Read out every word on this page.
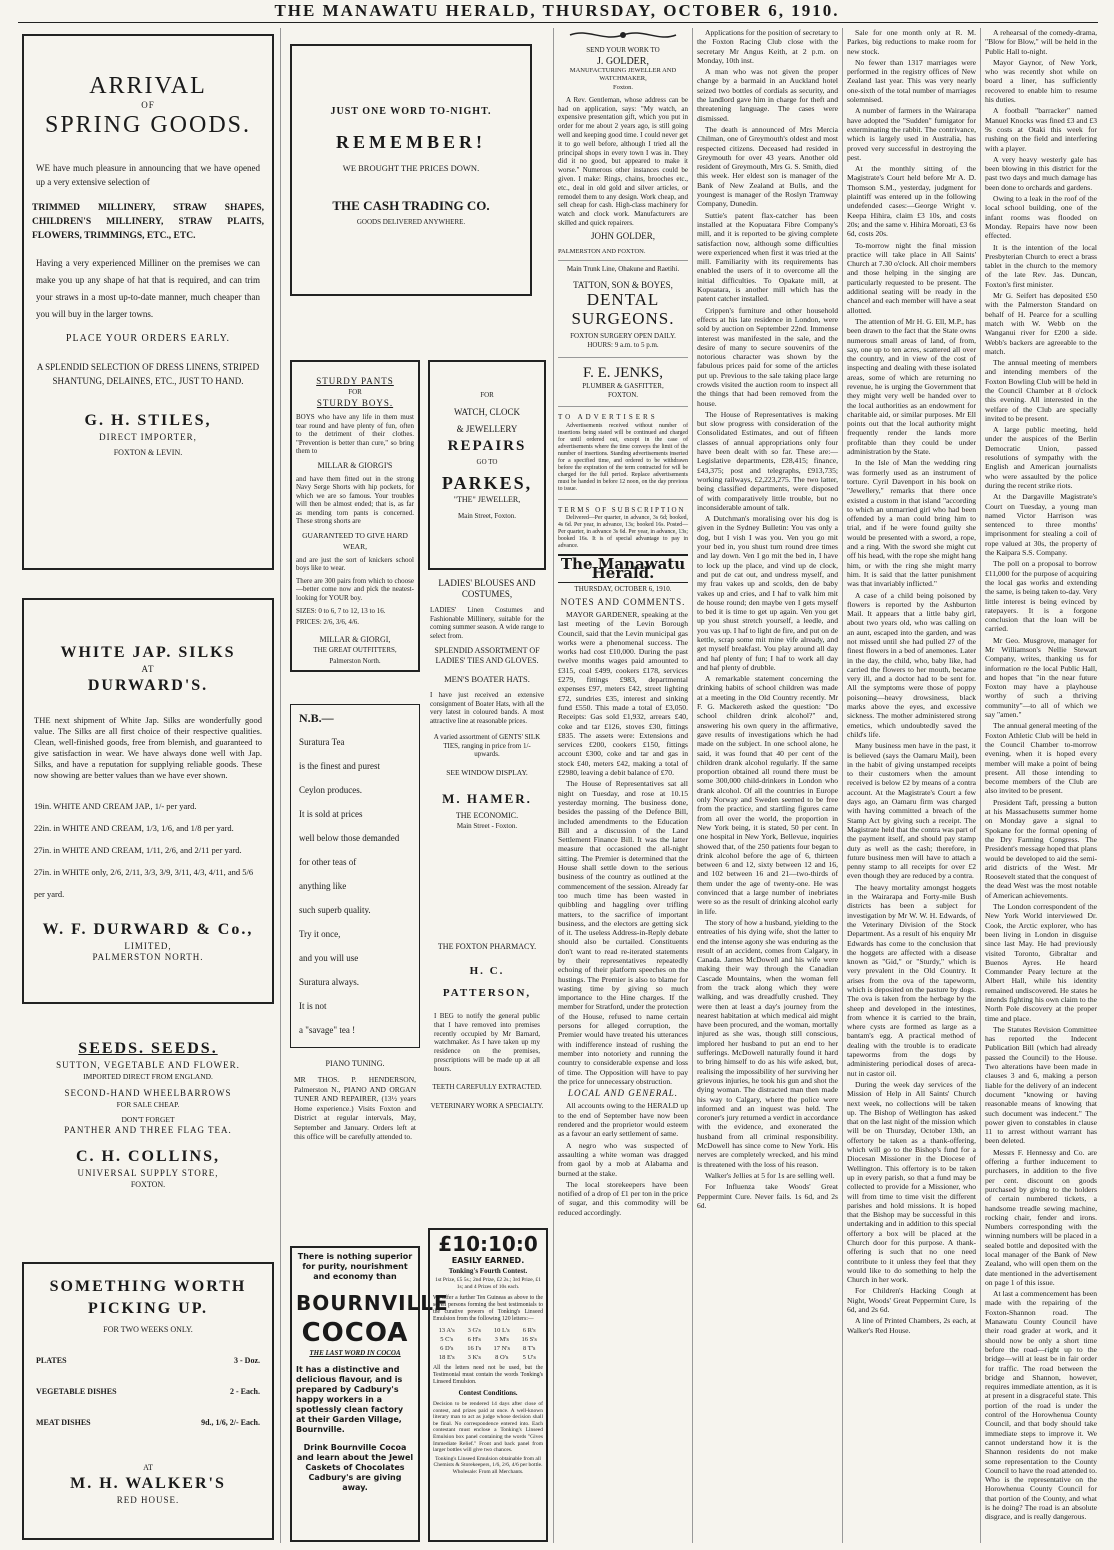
THE MANAWATU HERALD, THURSDAY, OCTOBER 6, 1910.
ARRIVAL
OF
SPRING GOODS.

WE have much pleasure in announcing that we have opened up a very extensive selection of

TRIMMED MILLINERY, STRAW SHAPES, CHILDREN'S MILLINERY, STRAW PLAITS, FLOWERS, TRIMMINGS, ETC., ETC.

Having a very experienced Milliner on the premises we can make you up any shape of hat that is required, and can trim your straws in a most up-to-date manner, much cheaper than you will buy in the larger towns.

PLACE YOUR ORDERS EARLY.

A SPLENDID SELECTION OF DRESS LINENS, STRIPED SHANTUNG, DELAINES, ETC., JUST TO HAND.

G. H. STILES,
DIRECT IMPORTER,
FOXTON & LEVIN.
WHITE JAP. SILKS
AT
DURWARD'S.

THE next shipment of White Jap. Silks are wonderfully good value. The Silks are all first choice of their respective qualities. Clean, well-finished goods, free from blemish, and guaranteed to give satisfaction in wear. We have always done well with Jap. Silks, and have a reputation for supplying reliable goods. These now showing are better values than we have ever shown.

19in. WHITE AND CREAM JAP., 1/- per yard.
22in. in WHITE AND CREAM, 1/3, 1/6, and 1/8 per yard.
27in. in WHITE AND CREAM, 1/11, 2/6, and 2/11 per yard.
27in. in WHITE only, 2/6, 2/11, 3/3, 3/9, 3/11, 4/3, 4/11, and 5/6 per yard.
W. F. DURWARD & Co.,
LIMITED,
PALMERSTON NORTH.
SEEDS. SEEDS.
SUTTON, VEGETABLE AND FLOWER.
IMPORTED DIRECT FROM ENGLAND.
SECOND-HAND WHEELBARROWS
FOR SALE CHEAP.
DON'T FORGET
PANTHER AND THREE FLAG TEA.
C. H. COLLINS,
UNIVERSAL SUPPLY STORE,
FOXTON.
SOMETHING WORTH PICKING UP.
FOR TWO WEEKS ONLY.
PLATES	3 - Doz.
VEGETABLE DISHES	2 - Each.
MEAT DISHES	9d., 1/6, 2/- Each.
AT
M. H. WALKER'S
RED HOUSE.
JUST ONE WORD TO-NIGHT.
REMEMBER!
WE BROUGHT THE PRICES DOWN.
THE CASH TRADING CO.
GOODS DELIVERED ANYWHERE.
STURDY PANTS
FOR
STURDY BOYS.

BOYS who have any life in them must tear round and have plenty of fun, often to the detriment of their clothes. "Prevention is better than cure," so bring them to

MILLAR & GIORGI'S

and have them fitted out in the strong Navy Serge Shorts with hip pockets, for which we are so famous. Your troubles will then be almost ended; that is, as far as mending torn pants is concerned. These strong shorts are

GUARANTEED TO GIVE HARD WEAR,

and are just the sort of knickers school boys like to wear.

There are 300 pairs from which to choose—better come now and pick the neatest-looking for YOUR boy.

SIZES: 0 to 6, 7 to 12, 13 to 16.
PRICES: 2/6, 3/6, 4/6.
MILLAR & GIORGI,
THE GREAT OUTFITTERS,
Palmerston North.
N.B.—
Suratura Tea
is the finest and purest
Ceylon produces.
It is sold at prices
well below those demanded
for other teas of
anything like
such superb quality.
Try it once,
and you will use
Suratura always.
It is not
a "savage" tea !
PIANO TUNING.

MR THOS. P. HENDERSON, Palmerston N., PIANO AND ORGAN TUNER AND REPAIRER, (13½ years Home experience.) Visits Foxton and District at regular intervals, May, September and January. Orders left at this office will be carefully attended to.

There is nothing superior for purity, nourishment and economy than
BOURNVILLE
COCOA
THE LAST WORD IN COCOA

It has a distinctive and delicious flavour, and is prepared by Cadbury's happy workers in a spotlessly clean factory at their Garden Village, Bournville.

Drink Bournville Cocoa and learn about the Jewel Caskets of Chocolates Cadbury's are giving away.

FOR
WATCH, CLOCK
& JEWELLERY
REPAIRS
GO TO
PARKES,
"THE" JEWELLER,
Main Street, Foxton.
LADIES' BLOUSES AND COSTUMES,

LADIES' Linen Costumes and Fashionable Millinery, suitable for the coming summer season. A wide range to select from.

SPLENDID ASSORTMENT OF LADIES' TIES AND GLOVES.
MEN'S BOATER HATS.

I have just received an extensive consignment of Boater Hats, with all the very latest in coloured bands. A most attractive line at reasonable prices.

A varied assortment of GENTS' SILK TIES, ranging in price from 1/- upwards.

SEE WINDOW DISPLAY.
M. HAMER.
THE ECONOMIC.
Main Street - Foxton.
THE FOXTON PHARMACY.
H. C. PATTERSON,

I BEG to notify the general public that I have removed into premises recently occupied by Mr Barnard, watchmaker. As I have taken up my residence on the premises, prescriptions will be made up at all hours.

TEETH CAREFULLY EXTRACTED.
VETERINARY WORK A SPECIALTY.
£10:10:0
EASILY EARNED.
Tonking's Fourth Contest.
1st Prize, £5 5s.; 2nd Prize, £2 2s.; 3rd Prize, £1 1s; and 4 Prizes of 10s each.

We offer a further Ten Guineas as above to the seven persons forming the best testimonials to the curative powers of Tonking's Linseed Emulsion from the following 120 letters:—

13 A's	3 G's	10 L's	6 R's
5 C's	6 H's	3 M's	16 S's
6 D's	16 I's	17 N's	8 T's
18 E's	3 K's	8 O's	5 U's

All the letters need not be used, but the Testimonial must contain the words Tonking's Linseed Emulsion.

Contest Conditions.

Decision to be rendered 14 days after close of contest, and prizes paid at once. A well-known literary man to act as judge whose decision shall be final. No correspondence entered into. Each contestant must enclose a Tonking's Linseed Emulsion box panel containing the words "Gives Immediate Relief." Front and back panel from larger bottles will give two chances.

Tonking's Linseed Emulsion obtainable from all Chemists & Storekeepers, 1/6, 2/6, 4/6 per bottle. Wholesale: From all Merchants.
SEND YOUR WORK TO
J. GOLDER,
MANUFACTURING JEWELLER AND WATCHMAKER,
Foxton.

A Rev. Gentleman, whose address can be had on application, says: "My watch, an expensive presentation gift, which you put in order for me about 2 years ago, is still going well and keeping good time. I could never get it to go well before, although I tried all the principal shops in every town I was in. They did it no good, but appeared to make it worse." Numerous other instances could be given. I make: Rings, chains, brooches etc., etc., deal in old gold and silver articles, or remodel them to any design. Work cheap, and sell cheap for cash. High-class machinery for watch and clock work. Manufacturers are skilled and quick repairers.

JOHN GOLDER,
PALMERSTON AND FOXTON.
Main Trunk Line, Ohakune and Raetihi.
TATTON, SON & BOYES,
DENTAL SURGEONS.
FOXTON SURGERY OPEN DAILY.
HOURS: 9 a.m. to 5 p.m.
F. E. JENKS,
PLUMBER & GASFITTER,
FOXTON.
TO ADVERTISERS

Advertisements received without number of insertions being stated will be continued and charged for until ordered out, except in the case of advertisements where the time conveys the limit of the number of insertions. Standing advertisements inserted for a specified time, and ordered to be withdrawn before the expiration of the term contracted for will be charged for the full period. Replace advertisements must be handed in before 12 noon, on the day previous to issue.

TERMS OF SUBSCRIPTION

Delivered—Per quarter, in advance, 3s 6d; booked, 4s 6d. Per year, in advance, 13s; booked 16s. Posted—Per quarter, in advance 3s 6d. Per year, in advance, 13s; booked 16s. It is of special advantage to pay in advance.

The Manawatu Herald.
THURSDAY, OCTOBER 6, 1910.
NOTES AND COMMENTS.

MAYOR GARDENER, speaking at the last meeting of the Levin Borough Council, said that the Levin municipal gas works were a phenomenal success. The works had cost £10,000. During the past twelve months wages paid amounted to £315, coal £499, cookers £178, services £279, fittings £983, departmental expenses £97, meters £42, street lighting £72, sundries £35, interest and sinking fund £550. This made a total of £3,050. Receipts: Gas sold £1,932, arrears £40, coke and tar £126, stoves £30, fittings £835. The assets were: Extensions and services £200, cookers £150, fittings account £300, coke and tar and gas in stock £40, meters £42, making a total of £2980, leaving a debit balance of £70.

The House of Representatives sat all night on Tuesday, and rose at 10.15 yesterday morning. The business done, besides the passing of the Defence Bill, included amendments to the Education Bill and a discussion of the Land Settlement Finance Bill. It was the latter measure that occasioned the all-night sitting. The Premier is determined that the House shall settle down to the serious business of the country as outlined at the commencement of the session. Already far too much time has been wasted in quibbling and haggling over trifling matters, to the sacrifice of important business, and the electors are getting sick of it. The useless Address-in-Reply debate should also be curtailed. Constituents don't want to read re-iterated statements by their representatives repeatedly echoing of their platform speeches on the hustings. The Premier is also to blame for wasting time by giving so much importance to the Hine charges. If the member for Stratford, under the protection of the House, refused to name certain persons for alleged corruption, the Premier would have treated his utterances with indifference instead of rushing the member into notoriety and running the country to considerable expense and loss of time. The Opposition will have to pay the price for unnecessary obstruction.

LOCAL AND GENERAL.

All accounts owing to the HERALD up to the end of September have now been rendered and the proprietor would esteem as a favour an early settlement of same.

A negro who was suspected of assaulting a white woman was dragged from gaol by a mob at Alabama and burned at the stake.

The local storekeepers have been notified of a drop of £1 per ton in the price of sugar, and this commodity will be reduced accordingly.

Applications for the position of secretary to the Foxton Racing Club close with the secretary Mr Angus Keith, at 2 p.m. on Monday, 10th inst.

A man who was not given the proper change by a barmaid in an Auckland hotel seized two bottles of cordials as security, and the landlord gave him in charge for theft and threatening language. The cases were dismissed.

The death is announced of Mrs Mercia Chilman, one of Greymouth's oldest and most respected citizens. Deceased had resided in Greymouth for over 43 years. Another old resident of Greymouth, Mrs G. S. Smith, died this week. Her eldest son is manager of the Bank of New Zealand at Bulls, and the youngest is manager of the Roslyn Tramway Company, Dunedin.

Suttie's patent flax-catcher has been installed at the Kopuatara Fibre Company's mill, and it is reported to be giving complete satisfaction now, although some difficulties were experienced when first it was tried at the mill. Familiarity with its requirements has enabled the users of it to overcome all the initial difficulties. To Opakate mill, at Kopuatara, is another mill which has the patent catcher installed.

Crippen's furniture and other household effects at his late residence in London, were sold by auction on September 22nd. Immense interest was manifested in the sale, and the desire of many to secure souvenirs of the notorious character was shown by the fabulous prices paid for some of the articles put up. Previous to the sale taking place large crowds visited the auction room to inspect all the things that had been removed from the house.

The House of Representatives is making but slow progress with consideration of the Consolidated Estimates, and out of fifteen classes of annual appropriations only four have been dealt with so far. These are:— Legislative departments, £28,415; finance, £43,375; post and telegraphs, £913,735; working railways, £2,223,275. The two latter, being classified departments, were disposed of with comparatively little trouble, but no inconsiderable amount of talk.

A Dutchman's moralising over his dog is given in the Sydney Bulletin: You vas only a dog, but I vish I was you. Ven you go mit your bed in, you shust turn round dree times and lay down. Ven I go mit the bed in, I have to lock up the place, and vind up de clock, and put de cat out, and undress myself, and my frau vakes up and scolds, den de baby vakes up and cries, and I haf to valk him mit de house round; den maybe ven I gets myself to bed it is time to get up again. Ven you get up you shust stretch yourself, a leedle, and you vas up. I haf to light de fire, and put on de kettle, scrap some mit mine vife already, and get myself breakfast. You play around all day and haf plenty of fun; I haf to work all day and haf plenty of drubble.

A remarkable statement concerning the drinking habits of school children was made at a meeting in the Old Country recently. Mr F. G. Mackereth asked the question: "Do school children drink alcohol?" and, answering his own query in the affirmative, gave results of investigations which he had made on the subject. In one school alone, he said, it was found that 40 per cent of the children drank alcohol regularly. If the same proportion obtained all round there must be some 300,000 child-drinkers in London who drank alcohol. Of all the countries in Europe only Norway and Sweden seemed to be free from the practice, and startling figures came from all over the world, the proportion in New York being, it is stated, 50 per cent. In one hospital in New York, Bellevue, inquiries showed that, of the 250 patients four began to drink alcohol before the age of 6, thirteen between 6 and 12, sixty between 12 and 16, and 102 between 16 and 21—two-thirds of them under the age of twenty-one. He was convinced that a large number of inebriates were so as the result of drinking alcohol early in life.

The story of how a husband, yielding to the entreaties of his dying wife, shot the latter to end the intense agony she was enduring as the result of an accident, comes from Calgary, in Canada. James McDowell and his wife were making their way through the Canadian Cascade Mountains, when the woman fell from the track along which they were walking, and was dreadfully crushed. They were then at least a day's journey from the nearest habitation at which medical aid might have been procured, and the woman, mortally injured as she was, though still conscious, implored her husband to put an end to her sufferings. McDowell naturally found it hard to bring himself to do as his wife asked, but, realising the impossibility of her surviving her grievous injuries, he took his gun and shot the dying woman. The distracted man then made his way to Calgary, where the police were informed and an inquest was held. The coroner's jury returned a verdict in accordance with the evidence, and exonerated the husband from all criminal responsibility. McDowell has since come to New York. His nerves are completely wrecked, and his mind is threatened with the loss of his reason.

Walker's Jellies at 5 for 1s are selling well.

For Influenza take Woods' Great Peppermint Cure. Never fails. 1s 6d, and 2s 6d.

Sale for one month only at R. M. Parkes, big reductions to make room for new stock.

No fewer than 1317 marriages were performed in the registry offices of New Zealand last year. This was very nearly one-sixth of the total number of marriages solemnised.

A number of farmers in the Wairarapa have adopted the "Sudden" fumigator for exterminating the rabbit. The contrivance, which is largely used in Australia, has proved very successful in destroying the pest.

At the monthly sitting of the Magistrate's Court held before Mr A. D. Thomson S.M., yesterday, judgment for plaintiff was entered up in the following undefended cases:—George Wright v. Keepa Hihira, claim £3 10s, and costs 20s; and the same v. Hihira Moroati, £3 6s 6d, costs 20s.

To-morrow night the final mission practice will take place in All Saints' Church at 7.30 o'clock. All choir members and those helping in the singing are particularly requested to be present. The additional seating will be ready in the chancel and each member will have a seat allotted.

The attention of Mr H. G. Ell, M.P., has been drawn to the fact that the State owns numerous small areas of land, of from, say, one up to ten acres, scattered all over the country, and in view of the cost of inspecting and dealing with these isolated areas, some of which are returning no revenue, he is urging the Government that they might very well be handed over to the local authorities as an endowment for charitable aid, or similar purposes. Mr Ell points out that the local authority might frequently render the lands more profitable than they could be under administration by the State.

In the Isle of Man the wedding ring was formerly used as an instrument of torture. Cyril Davenport in his book on "Jewellery," remarks that there once existed a custom in that island "according to which an unmarried girl who had been offended by a man could bring him to trial, and if he were found guilty she would be presented with a sword, a rope, and a ring. With the sword she might cut off his head, with the rope she might hang him, or with the ring she might marry him. It is said that the latter punishment was that invariably inflicted."

A case of a child being poisoned by flowers is reported by the Ashburton Mail. It appears that a little baby girl, about two years old, who was calling on an aunt, escaped into the garden, and was not missed until she had pulled 27 of the finest flowers in a bed of anemones. Later in the day, the child, who, baby like, had carried the flowers to her mouth, became very ill, and a doctor had to be sent for. All the symptoms were those of poppy poisoning—heavy drowsiness, black marks above the eyes, and excessive sickness. The mother administered strong emetics, which undoubtedly saved the child's life.

Many business men have in the past, it is believed (says the Oamaru Mail), been in the habit of giving unstamped receipts to their customers when the amount received is below £2 by means of a contra account. At the Magistrate's Court a few days ago, an Oamaru firm was charged with having committed a breach of the Stamp Act by giving such a receipt. The Magistrate held that the contra was part of the payment itself, and should pay stamp duty as well as the cash; therefore, in future business men will have to attach a penny stamp to all receipts for over £2 even though they are reduced by a contra.

The heavy mortality amongst hoggets in the Wairarapa and Forty-mile Bush districts has been a subject for investigation by Mr W. W. H. Edwards, of the Veterinary Division of the Stock Department. As a result of his enquiry Mr Edwards has come to the conclusion that the hoggets are affected with a disease known as "Gid," or "Sturdy," which is very prevalent in the Old Country. It arises from the ova of the tapeworm, which is deposited on the pasture by dogs. The ova is taken from the herbage by the sheep and developed in the intestines, from whence it is carried to the brain, where cysts are formed as large as a bantam's egg. A practical method of dealing with the trouble is to eradicate tapeworms from the dogs by administering periodical doses of areca-nut in castor oil.

During the week day services of the Mission of Help in All Saints' Church next week, no collections will be taken up. The Bishop of Wellington has asked that on the last night of the mission which will be on Thursday, October 13th, an offertory be taken as a thank-offering, which will go to the Bishop's fund for a Diocesan Missioner in the Diocese of Wellington. This offertory is to be taken up in every parish, so that a fund may be collected to provide for a Missioner, who will from time to time visit the different parishes and hold missions. It is hoped that the Bishop may be successful in this undertaking and in addition to this special offertory a box will be placed at the Church door for this purpose. A thank-offering is such that no one need contribute to it unless they feel that they would like to do something to help the Church in her work.

For Children's Hacking Cough at Night, Woods' Great Peppermint Cure, 1s 6d, and 2s 6d.

A line of Printed Chambers, 2s each, at Walker's Red House.

A rehearsal of the comedy-drama, "Blow for Blow," will be held in the Public Hall to-night.

Mayor Gaynor, of New York, who was recently shot while on board a liner, has sufficiently recovered to enable him to resume his duties.

A football "barracker" named Manuel Knocks was fined £3 and £3 9s costs at Otaki this week for rushing on the field and interfering with a player.

A very heavy westerly gale has been blowing in this district for the past two days and much damage has been done to orchards and gardens.

Owing to a leak in the roof of the local school building, one of the infant rooms was flooded on Monday. Repairs have now been effected.

It is the intention of the local Presbyterian Church to erect a brass tablet in the church to the memory of the late Rev. Jas. Duncan, Foxton's first minister.

Mr G. Seifert has deposited £50 with the Palmerston Standard on behalf of H. Pearce for a sculling match with W. Webb on the Wanganui river for £200 a side. Webb's backers are agreeable to the match.

The annual meeting of members and intending members of the Foxton Bowling Club will be held in the Council Chamber at 8 o'clock this evening. All interested in the welfare of the Club are specially invited to be present.

A large public meeting, held under the auspices of the Berlin Democratic Union, passed resolutions of sympathy with the English and American journalists who were assaulted by the police during the recent strike riots.

At the Dargaville Magistrate's Court on Tuesday, a young man named Victor Harrison was sentenced to three months' imprisonment for stealing a coil of rope valued at 30s, the property of the Kaipara S.S. Company.

The poll on a proposal to borrow £11,000 for the purpose of acquiring the local gas works and extending the same, is being taken to-day. Very little interest is being evinced by ratepayers. It is a forgone conclusion that the loan will be carried.

Mr Geo. Musgrove, manager for Mr Williamson's Nellie Stewart Company, writes, thanking us for information re the local Public Hall, and hopes that "in the near future Foxton may have a playhouse worthy of such a thriving community"—to all of which we say "amen."

The annual general meeting of the Foxton Athletic Club will be held in the Council Chamber to-morrow evening, when it is hoped every member will make a point of being present. All those intending to become members of the Club are also invited to be present.

President Taft, pressing a button at his Massachusetts summer home on Monday gave a signal to Spokane for the formal opening of the Dry Farming Congress. The President's message hoped that plans would be developed to aid the semi-arid districts of the West. Mr Roosevelt stated that the conquest of the dead West was the most notable of American achievements.

The London correspondent of the New York World interviewed Dr. Cook, the Arctic explorer, who has been living in London in disguise since last May. He had previously visited Toronto, Gibraltar and Buenos Ayres. He heard Commander Peary lecture at the Albert Hall, while his identity remained undiscovered. He states he intends fighting his own claim to the North Pole discovery at the proper time and place.

The Statutes Revision Committee has reported the Indecent Publication Bill (which had already passed the Council) to the House. Two alterations have been made in clauses 3 and 6, making a person liable for the delivery of an indecent document "knowing or having reasonable means of knowing that such document was indecent." The power given to constables in clause 11 to arrest without warrant has been deleted.

Messrs F. Hennessy and Co. are offering a further inducement to purchasers, in addition to the five per cent. discount on goods purchased by giving to the holders of certain numbered tickets, a handsome treadle sewing machine, rocking chair, fender and irons. Numbers corresponding with the winning numbers will be placed in a sealed bottle and deposited with the local manager of the Bank of New Zealand, who will open them on the date mentioned in the advertisement on page 1 of this issue.

At last a commencement has been made with the repairing of the Foxton-Shannon road. The Manawatu County Council have their road grader at work, and it should now be only a short time before the road—right up to the bridge—will at least be in fair order for traffic. The road between the bridge and Shannon, however, requires immediate attention, as it is at present in a disgraceful state. This portion of the road is under the control of the Horowhenua County Council, and that body should take immediate steps to improve it. We cannot understand how it is the Shannon residents do not make some representation to the County Council to have the road attended to. Who is the representative on the Horowhenua County Council for that portion of the County, and what is he doing? The road is an absolute disgrace, and is really dangerous.
